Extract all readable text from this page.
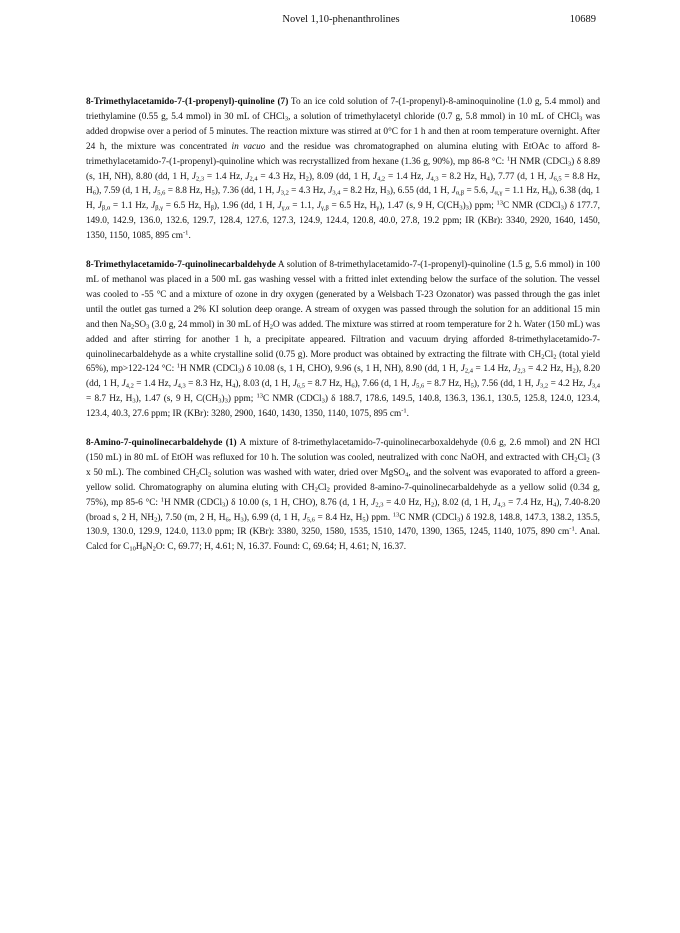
Novel 1,10-phenanthrolines	10689

8-Trimethylacetamido-7-(1-propenyl)-quinoline (7) To an ice cold solution of 7-(1-propenyl)-8-aminoquinoline (1.0 g, 5.4 mmol) and triethylamine (0.55 g, 5.4 mmol) in 30 mL of CHCl$_3$, a solution of trimethylacetyl chloride (0.7 g, 5.8 mmol) in 10 mL of CHCl$_3$ was added dropwise over a period of 5 minutes. The reaction mixture was stirred at 0°C for 1 h and then at room temperature overnight. After 24 h, the mixture was concentrated in vacuo and the residue was chromatographed on alumina eluting with EtOAc to afford 8-trimethylacetamido-7-(1-propenyl)-quinoline which was recrystallized from hexane (1.36 g, 90%), mp 86-8 °C: $^1$H NMR (CDCl$_3$) δ 8.89 (s, 1H, NH), 8.80 (dd, 1 H, $J_{2,3} = 1.4$ Hz, $J_{2,4} = 4.3$ Hz, $H_2$), 8.09 (dd, 1 H, $J_{4,2} = 1.4$ Hz, $J_{4,3} = 8.2$ Hz, $H_4$), 7.77 (d, 1 H, $J_{6,5} = 8.8$ Hz, $H_6$), 7.59 (d, 1 H, $J_{5,6} = 8.8$ Hz, $H_5$), 7.36 (dd, 1 H, $J_{3,2} = 4.3$ Hz, $J_{3,4} = 8.2$ Hz, $H_3$), 6.55 (dd, 1 H, $J_{\alpha,\beta} = 5.6$, $J_{\alpha,\gamma} = 1.1$ Hz, $H_\alpha$), 6.38 (dq, 1 H, $J_{\beta,\alpha} = 1.1$ Hz, $J_{\beta,\gamma} = 6.5$ Hz, $H_\beta$), 1.96 (dd, 1 H, $J_{\gamma,\alpha} = 1.1$, $J_{\gamma,\beta} = 6.5$ Hz, $H_\gamma$), 1.47 (s, 9 H, $C(CH_3)_3$) ppm; $^{13}$C NMR (CDCl$_3$) δ 177.7, 149.0, 142.9, 136.0, 132.6, 129.7, 128.4, 127.6, 127.3, 124.9, 124.4, 120.8, 40.0, 27.8, 19.2 ppm; IR (KBr): 3340, 2920, 1640, 1450, 1350, 1150, 1085, 895 $cm^{-1}$.

8-Trimethylacetamido-7-quinolinecarbaldehyde A solution of 8-trimethylacetamido-7-(1-propenyl)-quinoline (1.5 g, 5.6 mmol) in 100 mL of methanol was placed in a 500 mL gas washing vessel with a fritted inlet extending below the surface of the solution. The vessel was cooled to -55 °C and a mixture of ozone in dry oxygen (generated by a Welsbach T-23 Ozonator) was passed through the gas inlet until the outlet gas turned a 2% KI solution deep orange. A stream of oxygen was passed through the solution for an additional 15 min and then $Na_2SO_3$ (3.0 g, 24 mmol) in 30 mL of $H_2O$ was added. The mixture was stirred at room temperature for 2 h. Water (150 mL) was added and after stirring for another 1 h, a precipitate appeared. Filtration and vacuum drying afforded 8-trimethylacetamido-7-quinolinecarbaldehyde as a white crystalline solid (0.75 g). More product was obtained by extracting the filtrate with $CH_2Cl_2$ (total yield 65%), mp>122-124 °C: $^1$H NMR (CDCl$_3$) δ 10.08 (s, 1 H, CHO), 9.96 (s, 1 H, NH), 8.90 (dd, 1 H, $J_{2,4} = 1.4$ Hz, $J_{2,3} = 4.2$ Hz, $H_2$), 8.20 (dd, 1 H, $J_{4,2} = 1.4$ Hz, $J_{4,3} = 8.3$ Hz, $H_4$), 8.03 (d, 1 H, $J_{6,5} = 8.7$ Hz, $H_6$), 7.66 (d, 1 H, $J_{5,6} = 8.7$ Hz, $H_5$), 7.56 (dd, 1 H, $J_{3,2} = 4.2$ Hz, $J_{3,4} = 8.7$ Hz, $H_3$), 1.47 (s, 9 H, $C(CH_3)_3$) ppm; $^{13}$C NMR (CDCl$_3$) δ 188.7, 178.6, 149.5, 140.8, 136.3, 136.1, 130.5, 125.8, 124.0, 123.4, 123.4, 40.3, 27.6 ppm; IR (KBr): 3280, 2900, 1640, 1430, 1350, 1140, 1075, 895 $cm^{-1}$.

8-Amino-7-quinolinecarbaldehyde (1) A mixture of 8-trimethylacetamido-7-quinolinecarboxaldehyde (0.6 g, 2.6 mmol) and 2N HCl (150 mL) in 80 mL of EtOH was refluxed for 10 h. The solution was cooled, neutralized with conc NaOH, and extracted with $CH_2Cl_2$ (3 x 50 mL). The combined $CH_2Cl_2$ solution was washed with water, dried over MgSO$_4$, and the solvent was evaporated to afford a green-yellow solid. Chromatography on alumina eluting with $CH_2Cl_2$ provided 8-amino-7-quinolinecarbaldehyde as a yellow solid (0.34 g, 75%), mp 85-6 °C: $^1$H NMR (CDCl$_3$) δ 10.00 (s, 1 H, CHO), 8.76 (d, 1 H, $J_{2,3} = 4.0$ Hz, $H_2$), 8.02 (d, 1 H, $J_{4,3} = 7.4$ Hz, $H_4$), 7.40-8.20 (broad s, 2 H, $NH_2$), 7.50 (m, 2 H, $H_6$, $H_3$), 6.99 (d, 1 H, $J_{5,6} = 8.4$ Hz, $H_5$) ppm. $^{13}$C NMR (CDCl$_3$) δ 192.8, 148.8, 147.3, 138.2, 135.5, 130.9, 130.0, 129.9, 124.0, 113.0 ppm; IR (KBr): 3380, 3250, 1580, 1535, 1510, 1470, 1390, 1365, 1245, 1140, 1075, 890 $cm^{-1}$. Anal. Calcd for $C_{10}H_8N_2O$: C, 69.77; H, 4.61; N, 16.37. Found: C, 69.64; H, 4.61; N, 16.37.
